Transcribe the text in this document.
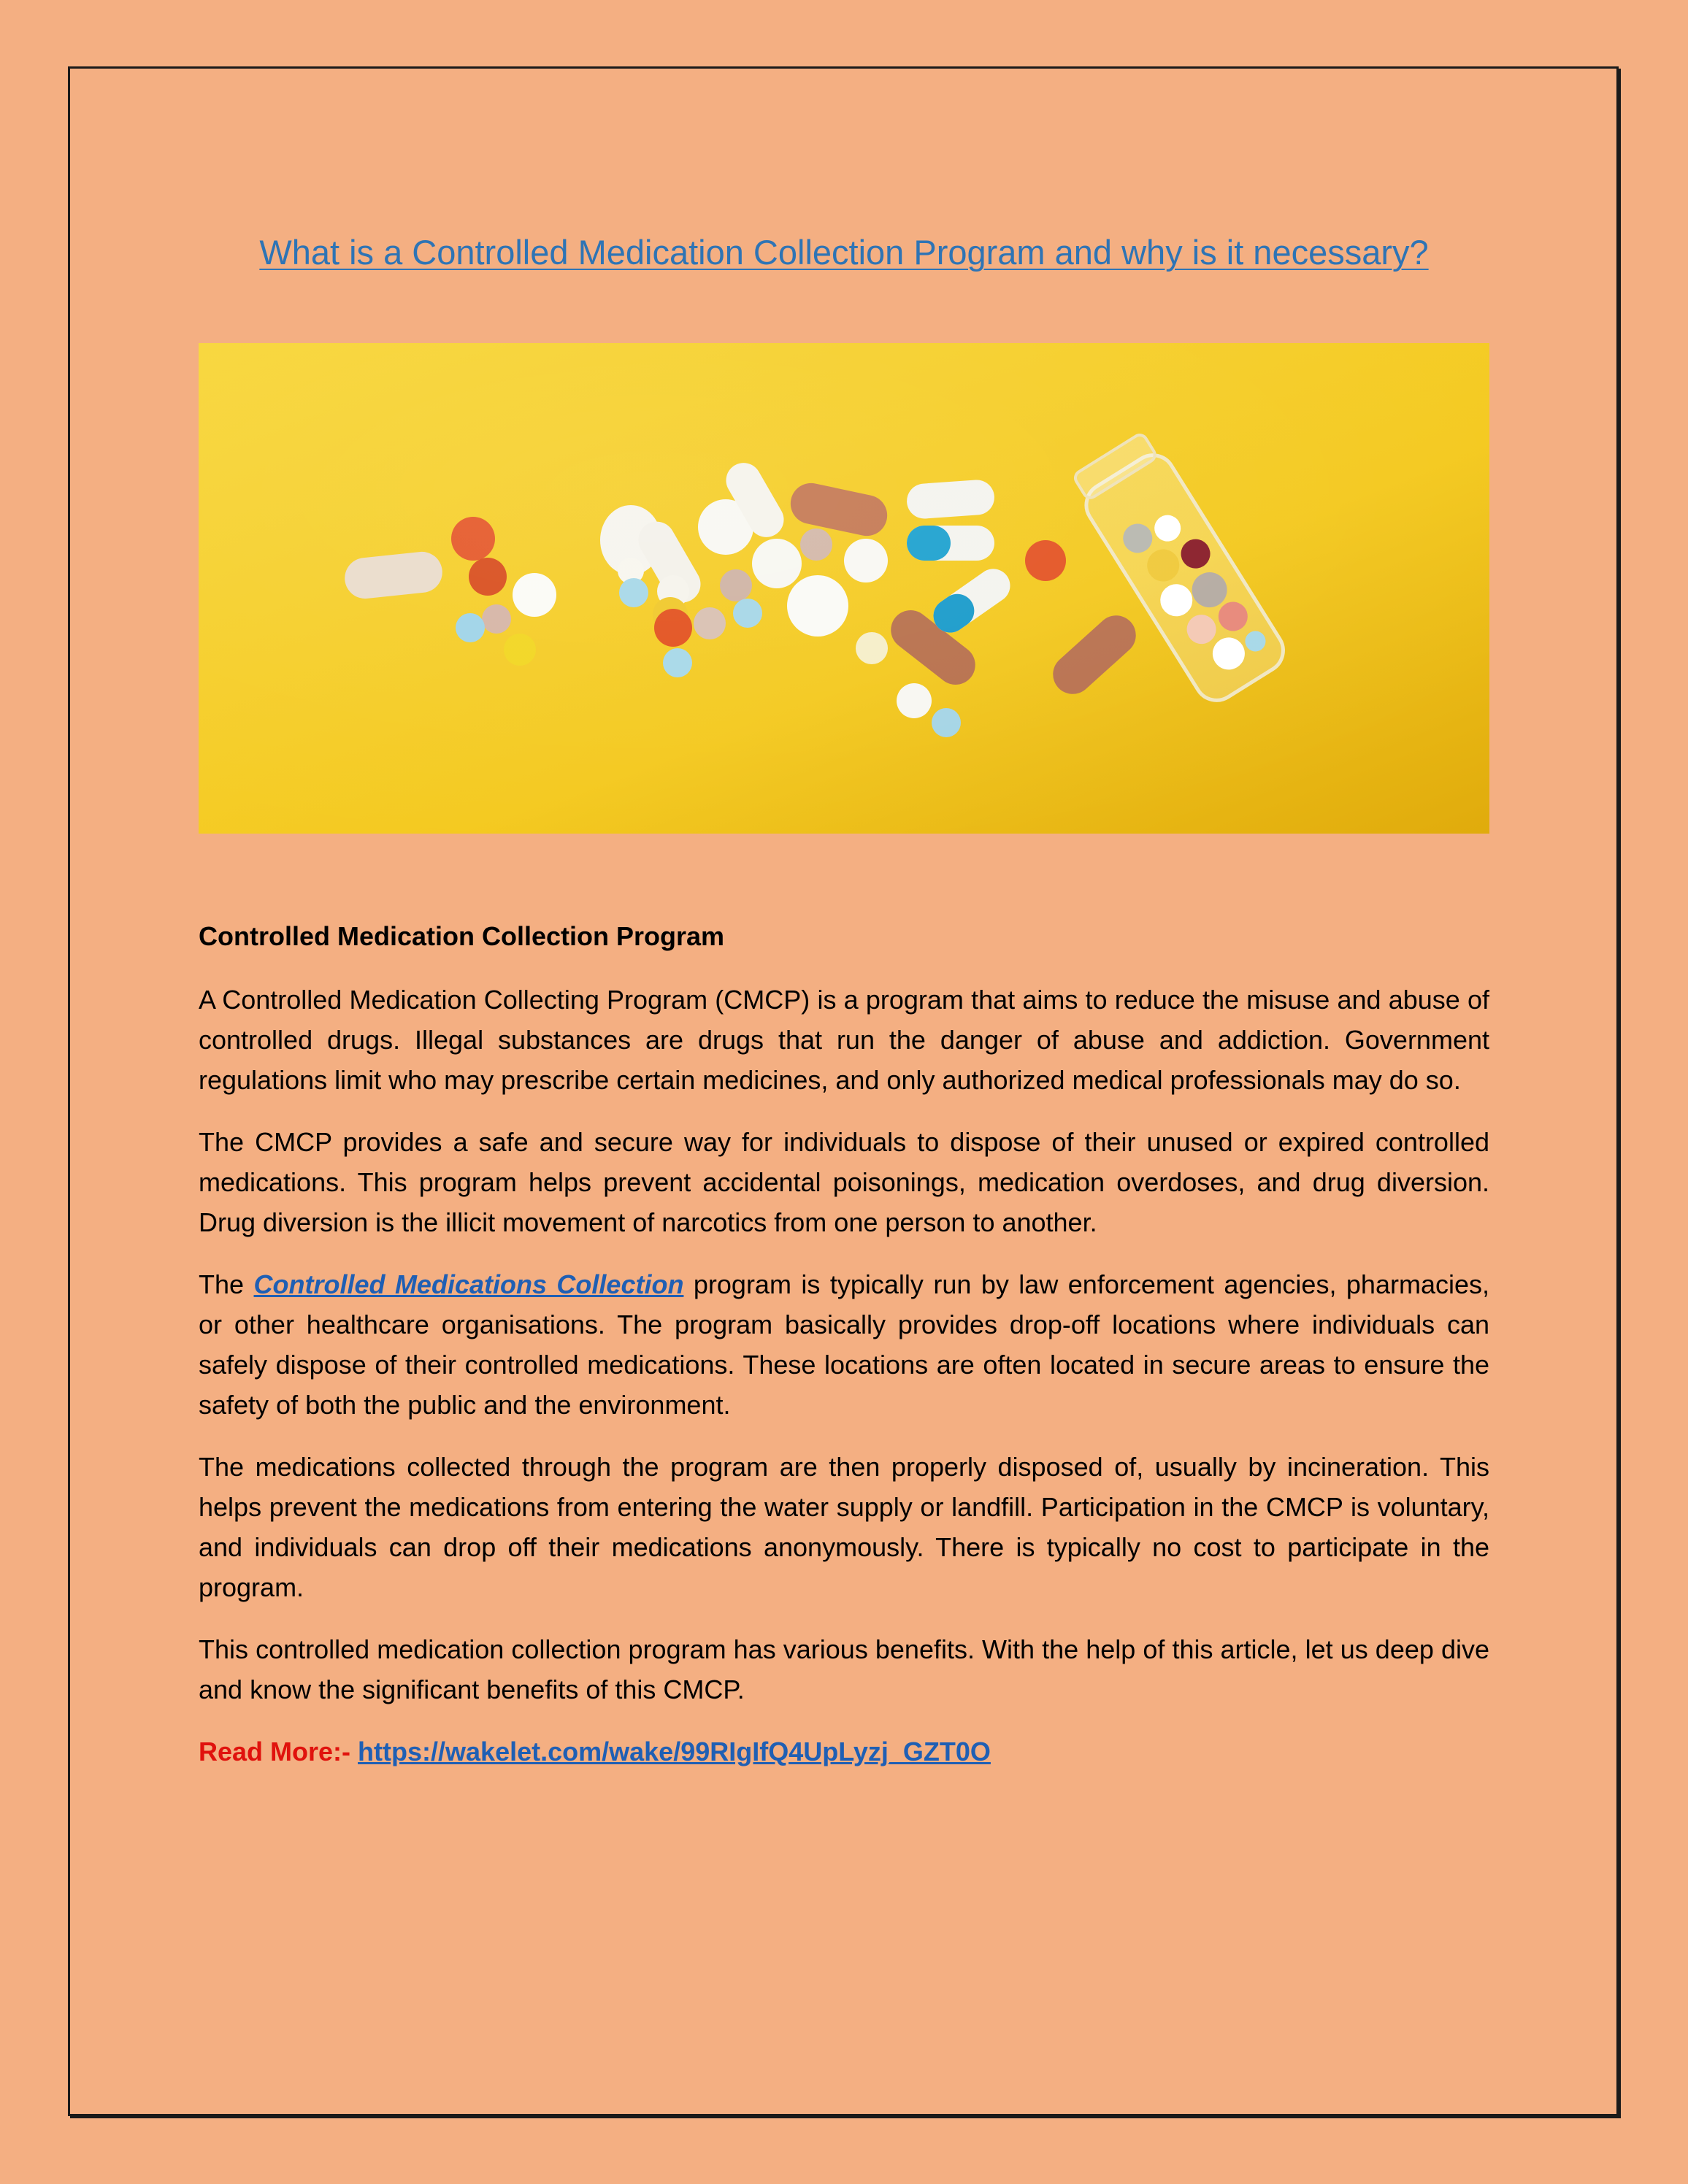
What is a Controlled Medication Collection Program and why is it necessary?
Controlled Medication Collection Program

A Controlled Medication Collecting Program (CMCP) is a program that aims to reduce the misuse and abuse of controlled drugs. Illegal substances are drugs that run the danger of abuse and addiction. Government regulations limit who may prescribe certain medicines, and only authorized medical professionals may do so.

The CMCP provides a safe and secure way for individuals to dispose of their unused or expired controlled medications. This program helps prevent accidental poisonings, medication overdoses, and drug diversion. Drug diversion is the illicit movement of narcotics from one person to another.

The Controlled Medications Collection program is typically run by law enforcement agencies, pharmacies, or other healthcare organisations. The program basically provides drop-off locations where individuals can safely dispose of their controlled medications. These locations are often located in secure areas to ensure the safety of both the public and the environment.

The medications collected through the program are then properly disposed of, usually by incineration. This helps prevent the medications from entering the water supply or landfill. Participation in the CMCP is voluntary, and individuals can drop off their medications anonymously. There is typically no cost to participate in the program.

This controlled medication collection program has various benefits. With the help of this article, let us deep dive and know the significant benefits of this CMCP.

Read More:- https://wakelet.com/wake/99RIgIfQ4UpLyzj_GZT0O
